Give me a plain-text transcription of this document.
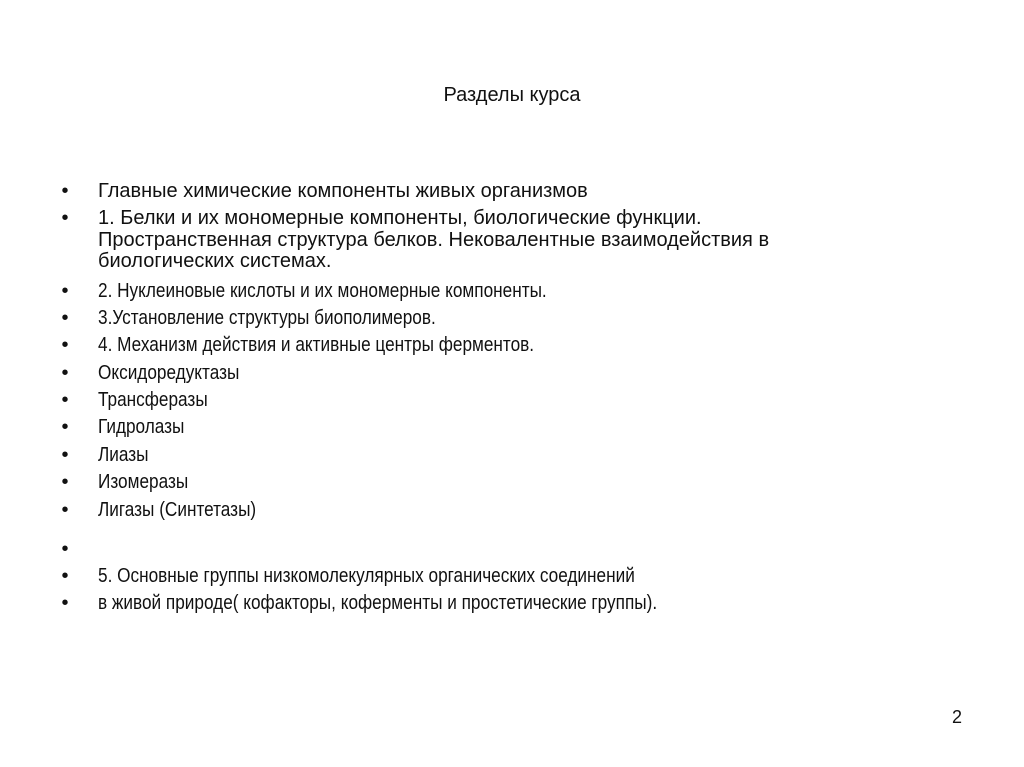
Разделы курса
• Главные химические компоненты живых организмов
• 1. Белки и их мономерные компоненты, биологические функции.
Пространственная структура белков. Нековалентные взаимодействия в
биологических системах.
• 2. Нуклеиновые кислоты и их мономерные компоненты.
• 3.Установление структуры биополимеров.
• 4. Механизм действия и активные центры ферментов.
• Оксидоредуктазы
• Трансферазы
• Гидролазы
• Лиазы
• Изомеразы
• Лигазы (Синтетазы)
•
• 5. Основные группы низкомолекулярных органических соединений
• в живой природе( кофакторы, коферменты и простетические группы).
2
